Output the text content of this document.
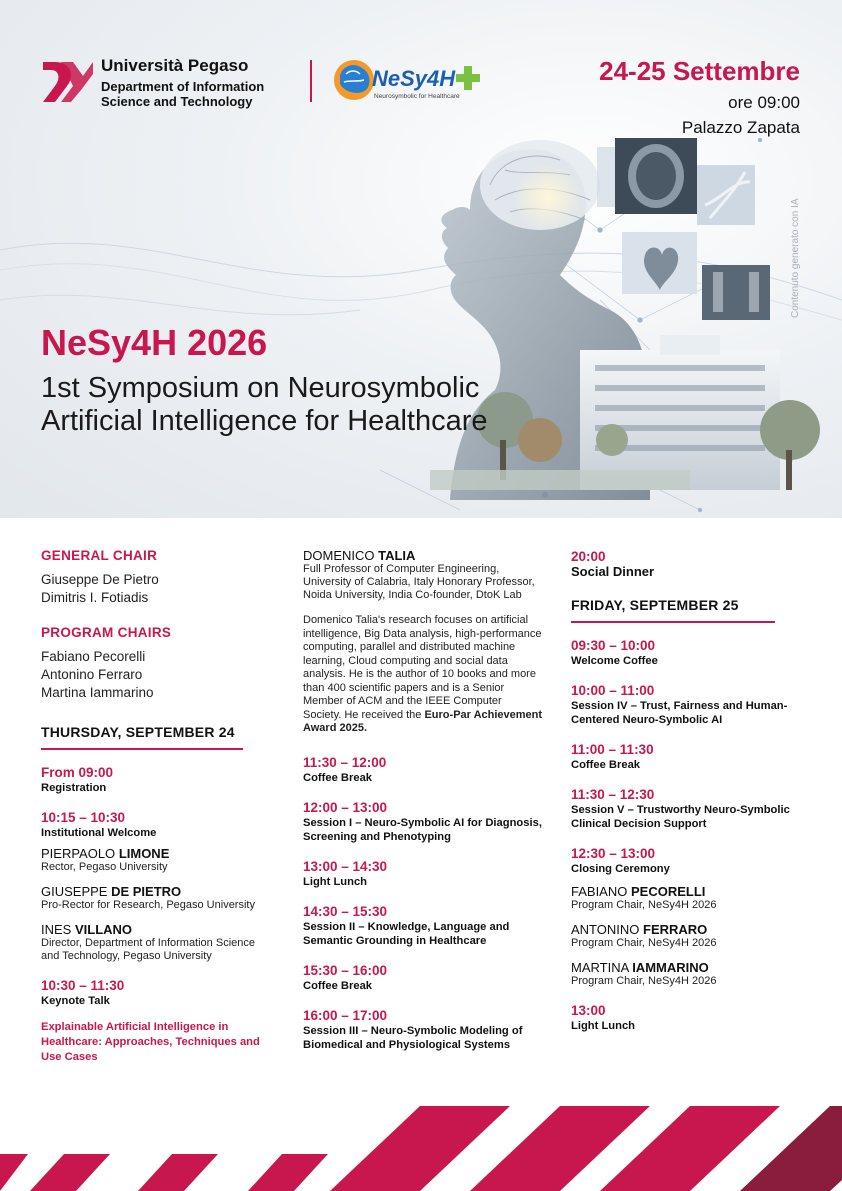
Università Pegaso
Department of Information
Science and Technology
NeSy4H
Neurosymbolic for Healthcare
24-25 Settembre
ore 09:00
Palazzo Zapata
Contenuto generato con IA
NeSy4H 2026
1st Symposium on Neurosymbolic Artificial Intelligence for Healthcare
GENERAL CHAIR
Giuseppe De Pietro
Dimitris I. Fotiadis
PROGRAM CHAIRS
Fabiano Pecorelli
Antonino Ferraro
Martina Iammarino
THURSDAY, SEPTEMBER 24
From 09:00
Registration
10:15 – 10:30
Institutional Welcome
PIERPAOLO LIMONE
Rector, Pegaso University
GIUSEPPE DE PIETRO
Pro-Rector for Research, Pegaso University
INES VILLANO
Director, Department of Information Science and Technology, Pegaso University
10:30 – 11:30
Keynote Talk
Explainable Artificial Intelligence in Healthcare: Approaches, Techniques and Use Cases
DOMENICO TALIA
Full Professor of Computer Engineering, University of Calabria, Italy Honorary Professor, Noida University, India Co-founder, DtoK Lab
Domenico Talia's research focuses on artificial intelligence, Big Data analysis, high-performance computing, parallel and distributed machine learning, Cloud computing and social data analysis. He is the author of 10 books and more than 400 scientific papers and is a Senior Member of ACM and the IEEE Computer Society. He received the Euro-Par Achievement Award 2025.
11:30 – 12:00
Coffee Break
12:00 – 13:00
Session I – Neuro-Symbolic AI for Diagnosis, Screening and Phenotyping
13:00 – 14:30
Light Lunch
14:30 – 15:30
Session II – Knowledge, Language and Semantic Grounding in Healthcare
15:30 – 16:00
Coffee Break
16:00 – 17:00
Session III – Neuro-Symbolic Modeling of Biomedical and Physiological Systems
20:00
Social Dinner
FRIDAY, SEPTEMBER 25
09:30 – 10:00
Welcome Coffee
10:00 – 11:00
Session IV – Trust, Fairness and Human-Centered Neuro-Symbolic AI
11:00 – 11:30
Coffee Break
11:30 – 12:30
Session V – Trustworthy Neuro-Symbolic Clinical Decision Support
12:30 – 13:00
Closing Ceremony
FABIANO PECORELLI
Program Chair, NeSy4H 2026
ANTONINO FERRARO
Program Chair, NeSy4H 2026
MARTINA IAMMARINO
Program Chair, NeSy4H 2026
13:00
Light Lunch
